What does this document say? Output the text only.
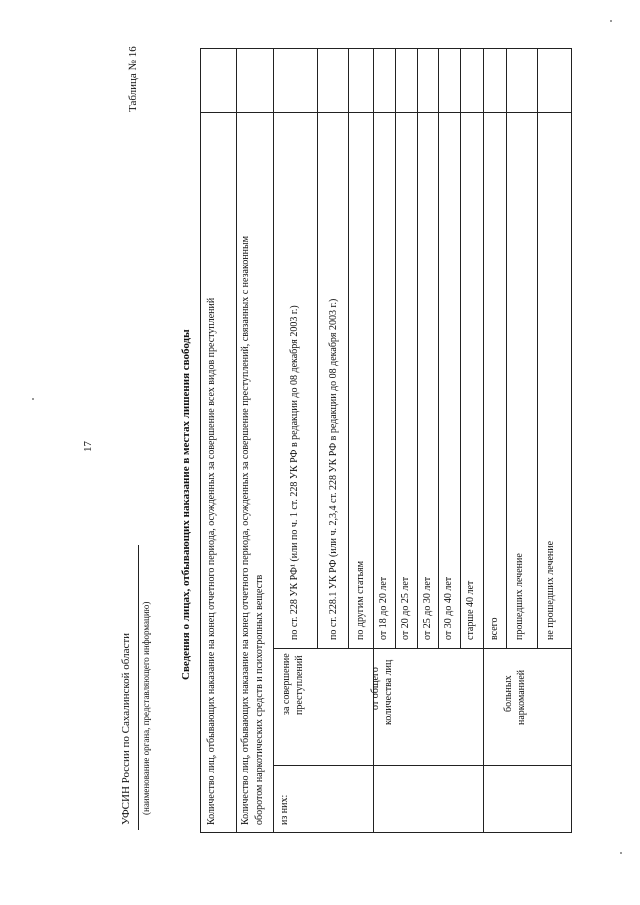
17
Таблица № 16
УФСИН России по Сахалинской области (наименование органа, представляющего информацию)
Сведения о лицах, отбывающих наказание в местах лишения свободы Количество лиц, отбывающих наказание на конец отчетного периода, осужденных за совершение всех видов преступлений Количество лиц, отбывающих наказание на конец отчетного периода, осужденных за совершение преступлений, связанных с незаконным оборотом наркотических средств и психотропных веществ из них:
за совершение преступлений
по ст. 228 УК РФ¹ (или по ч. 1 ст. 228 УК РФ в редакции до 08 декабря 2003 г.)	по ст. 228.1 УК РФ (или ч. 2,3,4 ст. 228 УК РФ в редакции до 08 декабря 2003 г.) по другим статьям
от общего количества лиц
от 18 до 20 лет от 20 до 25 лет от 25 до 30 лет от 30 до 40 лет старше 40 лет
больных наркоманией
всего прошедших лечение не прошедших лечение
